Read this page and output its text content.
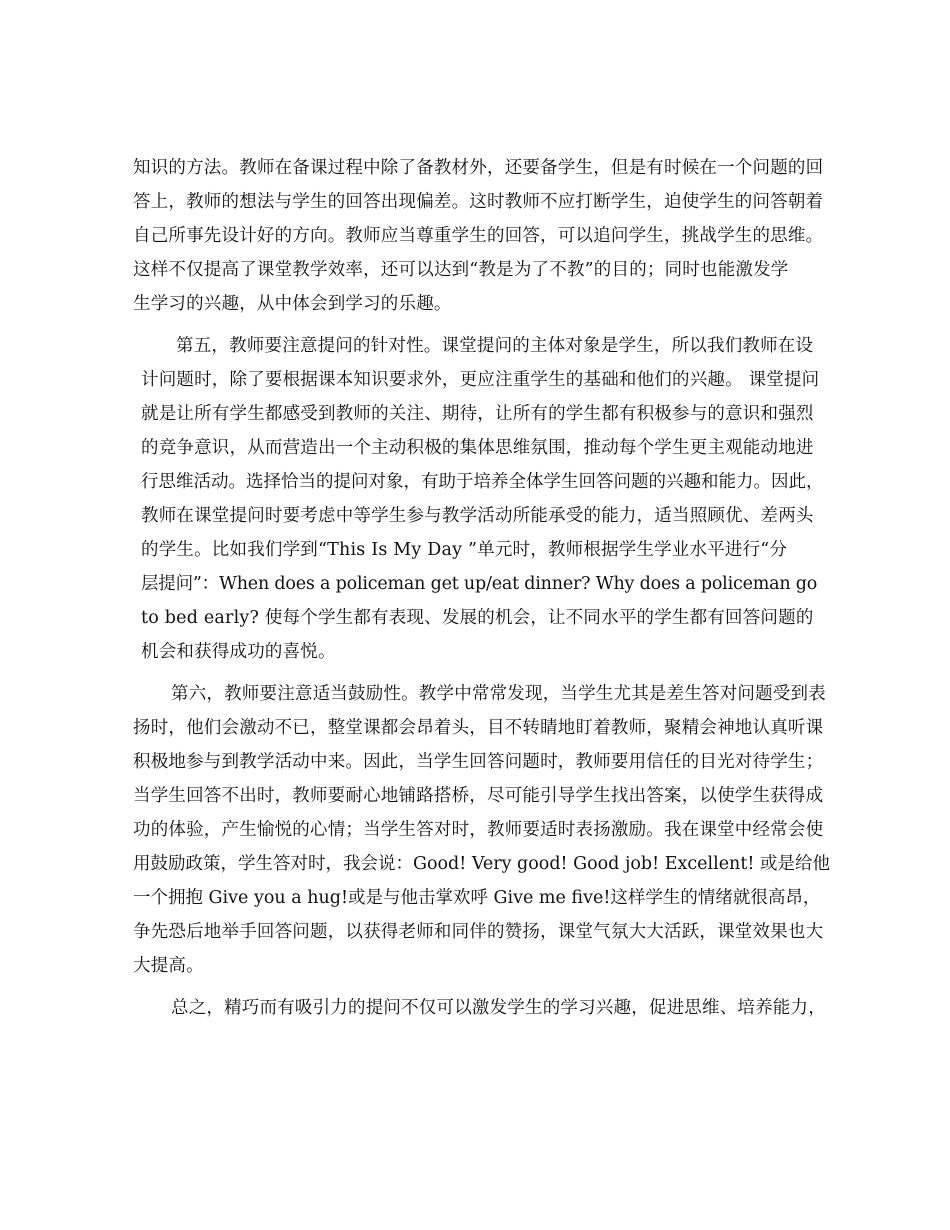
知识的方法。教师在备课过程中除了备教材外，还要备学生，但是有时候在一个问题的回
答上，教师的想法与学生的回答出现偏差。这时教师不应打断学生，迫使学生的问答朝着
自己所事先设计好的方向。教师应当尊重学生的回答，可以追问学生，挑战学生的思维。
这样不仅提高了课堂教学效率，还可以达到“教是为了不教”的目的；同时也能激发学
生学习的兴趣，从中体会到学习的乐趣。
第五，教师要注意提问的针对性。课堂提问的主体对象是学生，所以我们教师在设
计问题时，除了要根据课本知识要求外，更应注重学生的基础和他们的兴趣。 课堂提问
就是让所有学生都感受到教师的关注、期待，让所有的学生都有积极参与的意识和强烈
的竞争意识，从而营造出一个主动积极的集体思维氛围，推动每个学生更主观能动地进
行思维活动。选择恰当的提问对象，有助于培养全体学生回答问题的兴趣和能力。因此，
教师在课堂提问时要考虑中等学生参与教学活动所能承受的能力，适当照顾优、差两头
的学生。比如我们学到“This Is My Day ”单元时，教师根据学生学业水平进行“分
层提问”：When does a policeman get up/eat dinner? Why does a policeman go
to bed early? 使每个学生都有表现、发展的机会，让不同水平的学生都有回答问题的
机会和获得成功的喜悦。
第六，教师要注意适当鼓励性。教学中常常发现，当学生尤其是差生答对问题受到表
扬时，他们会激动不已，整堂课都会昂着头，目不转睛地盯着教师，聚精会神地认真听课
积极地参与到教学活动中来。因此，当学生回答问题时，教师要用信任的目光对待学生；
当学生回答不出时，教师要耐心地铺路搭桥，尽可能引导学生找出答案，以使学生获得成
功的体验，产生愉悦的心情；当学生答对时，教师要适时表扬激励。我在课堂中经常会使
用鼓励政策，学生答对时，我会说：Good! Very good! Good job! Excellent! 或是给他
一个拥抱 Give you a hug!或是与他击掌欢呼 Give me five!这样学生的情绪就很高昂，
争先恐后地举手回答问题，以获得老师和同伴的赞扬，课堂气氛大大活跃，课堂效果也大
大提高。
总之，精巧而有吸引力的提问不仅可以激发学生的学习兴趣，促进思维、培养能力，
